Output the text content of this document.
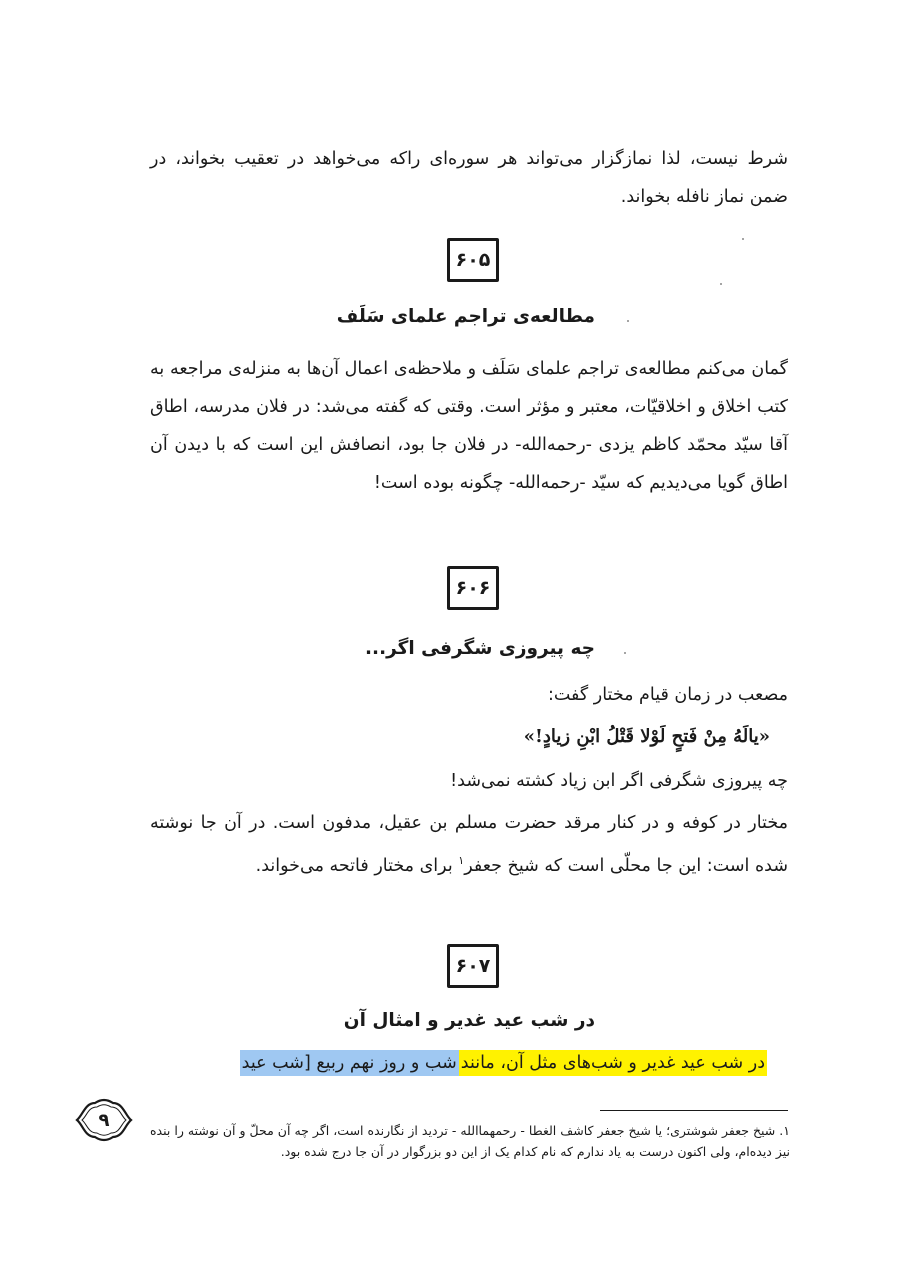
شرط نیست، لذا نمازگزار می‌تواند هر سوره‌ای راکه می‌خواهد در تعقیب بخواند، در ضمن نماز نافله بخواند.

۶۰۵
مطالعه‌ی تراجم علمای سَلَف

گمان می‌کنم مطالعه‌ی تراجم علمای سَلَف و ملاحظه‌ی اعمال آن‌ها به منزله‌ی مراجعه به کتب اخلاق و اخلاقیّات، معتبر و مؤثر است. وقتی که گفته می‌شد: در فلان مدرسه، اطاق آقا سیّد محمّد کاظم یزدی -رحمه‌الله- در فلان جا بود، انصافش این است که با دیدن آن اطاق گویا می‌دیدیم که سیّد -رحمه‌الله- چگونه بوده است!

۶۰۶
چه پیروزی شگرفی اگر...

مصعب در زمان قیام مختار گفت:

«یالَهُ مِنْ فَتحٍ لَوْلا قَتْلُ ابْنِ زیادٍ!»

چه پیروزی شگرفی اگر ابن زیاد کشته نمی‌شد!

مختار در کوفه و در کنار مرقد حضرت مسلم بن عقیل، مدفون است. در آن جا نوشته شده است: این جا محلّی است که شیخ جعفر$^۱$ برای مختار فاتحه می‌خواند.

۶۰۷
در شب عید غدیر و امثال آن
در شب عید غدیر و شب‌های مثل آن، مانندشب و روز نهم ربیع [شب عید

۱. شیخ جعفر شوشتری؛ یا شیخ جعفر کاشف الغطا - رحمهماالله - تردید از نگارنده است، اگر چه آن محلّ و آن نوشته را بنده نیز دیده‌ام، ولی اکنون درست به یاد ندارم که نام کدام یک از این دو بزرگوار در آن جا درج شده بود.

۹
